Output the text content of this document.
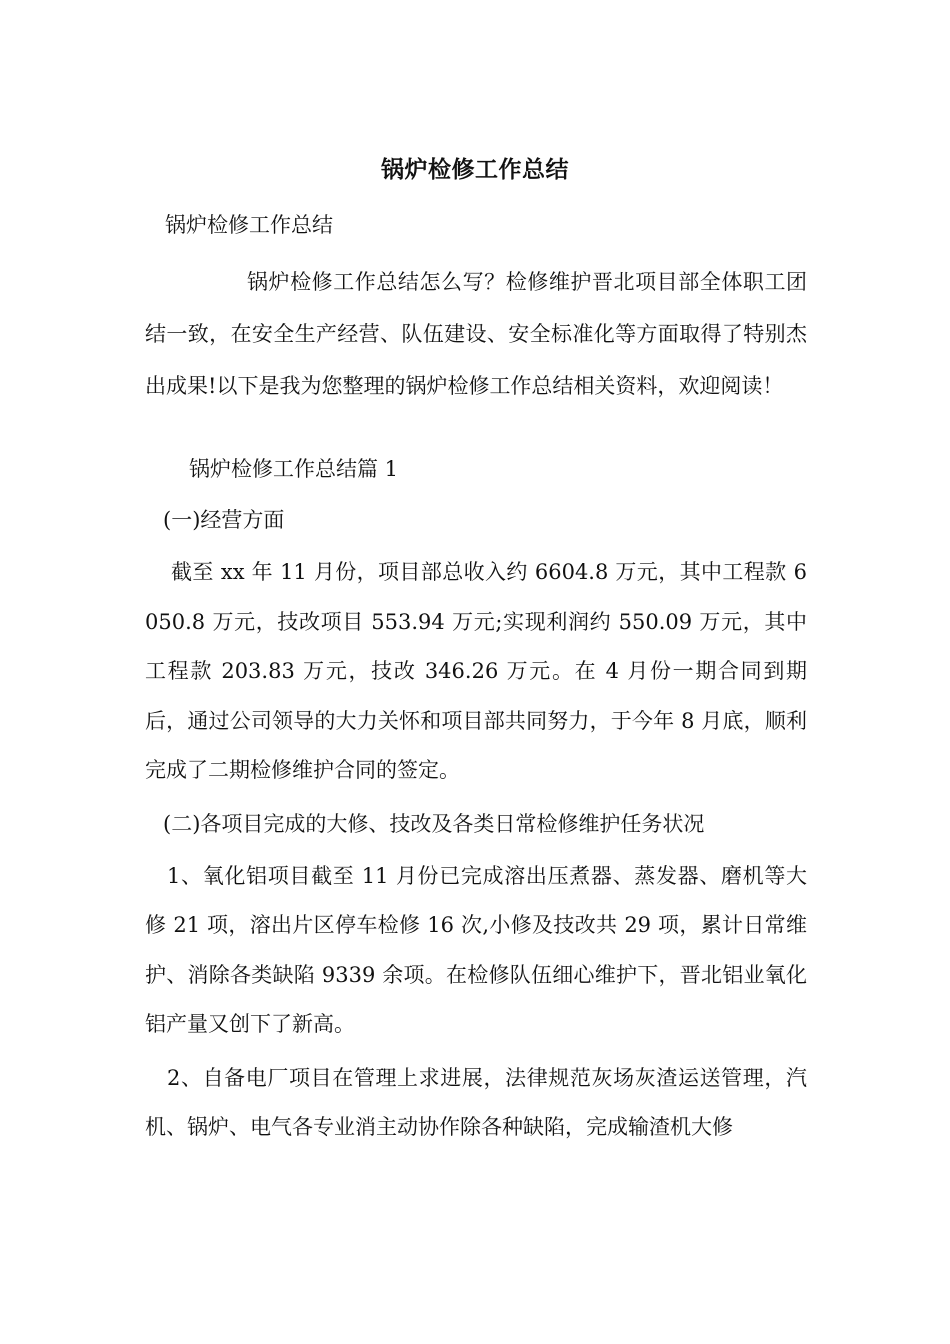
锅炉检修工作总结

锅炉检修工作总结

锅炉检修工作总结怎么写？检修维护晋北项目部全体职工团结一致，在安全生产经营、队伍建设、安全标准化等方面取得了特别杰出成果!以下是我为您整理的锅炉检修工作总结相关资料，欢迎阅读！

锅炉检修工作总结篇 1

(一)经营方面

截至 xx 年 11 月份，项目部总收入约 6604.8 万元，其中工程款 6050.8 万元，技改项目 553.94 万元;实现利润约 550.09 万元，其中工程款 203.83 万元，技改 346.26 万元。在 4 月份一期合同到期后，通过公司领导的大力关怀和项目部共同努力，于今年 8 月底，顺利完成了二期检修维护合同的签定。

(二)各项目完成的大修、技改及各类日常检修维护任务状况

1、氧化铝项目截至 11 月份已完成溶出压煮器、蒸发器、磨机等大修 21 项，溶出片区停车检修 16 次,小修及技改共 29 项，累计日常维护、消除各类缺陷 9339 余项。在检修队伍细心维护下，晋北铝业氧化铝产量又创下了新高。

2、自备电厂项目在管理上求进展，法律规范灰场灰渣运送管理，汽机、锅炉、电气各专业消主动协作除各种缺陷，完成输渣机大修
